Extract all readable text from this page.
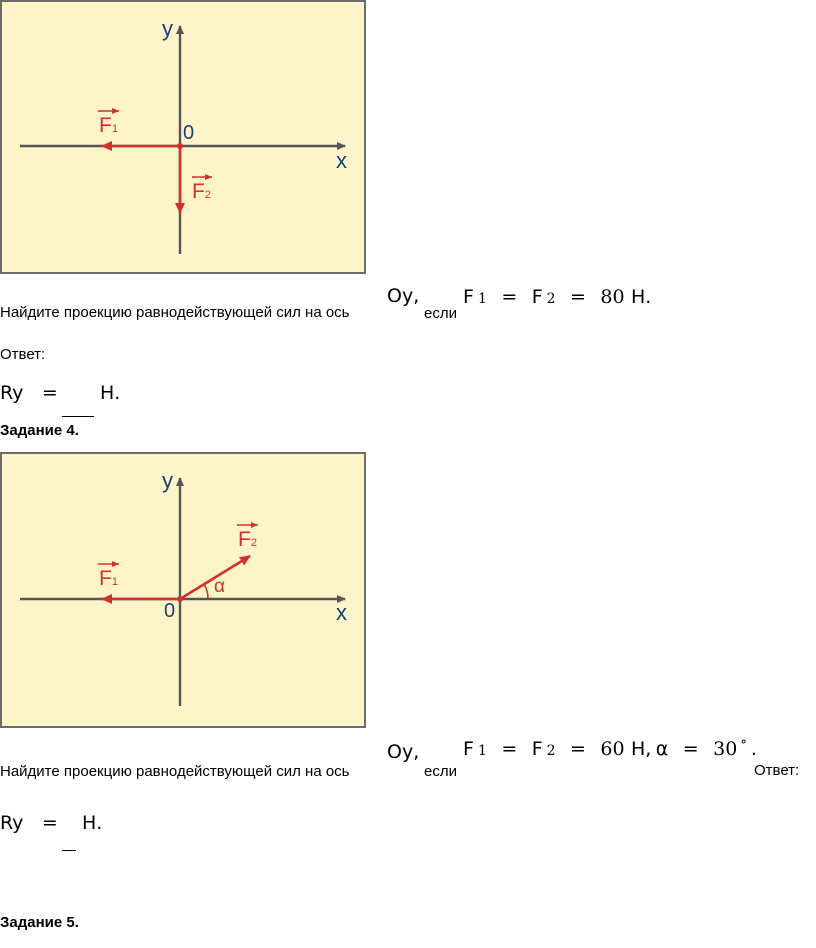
y
x
0
F1
F2
Найдите проекцию равнодействующей сил на ось
Oy,
если
F 1 = F 2 = 80 Н.
Ответ:
Ry = Н.
Задание 4.
y
x
0
F1
F2
α
Найдите проекцию равнодействующей сил на ось
Oy,
если
F 1 = F 2 = 60 Н, α = 30 ° .
Ответ:
Ry = Н.
Задание 5.
